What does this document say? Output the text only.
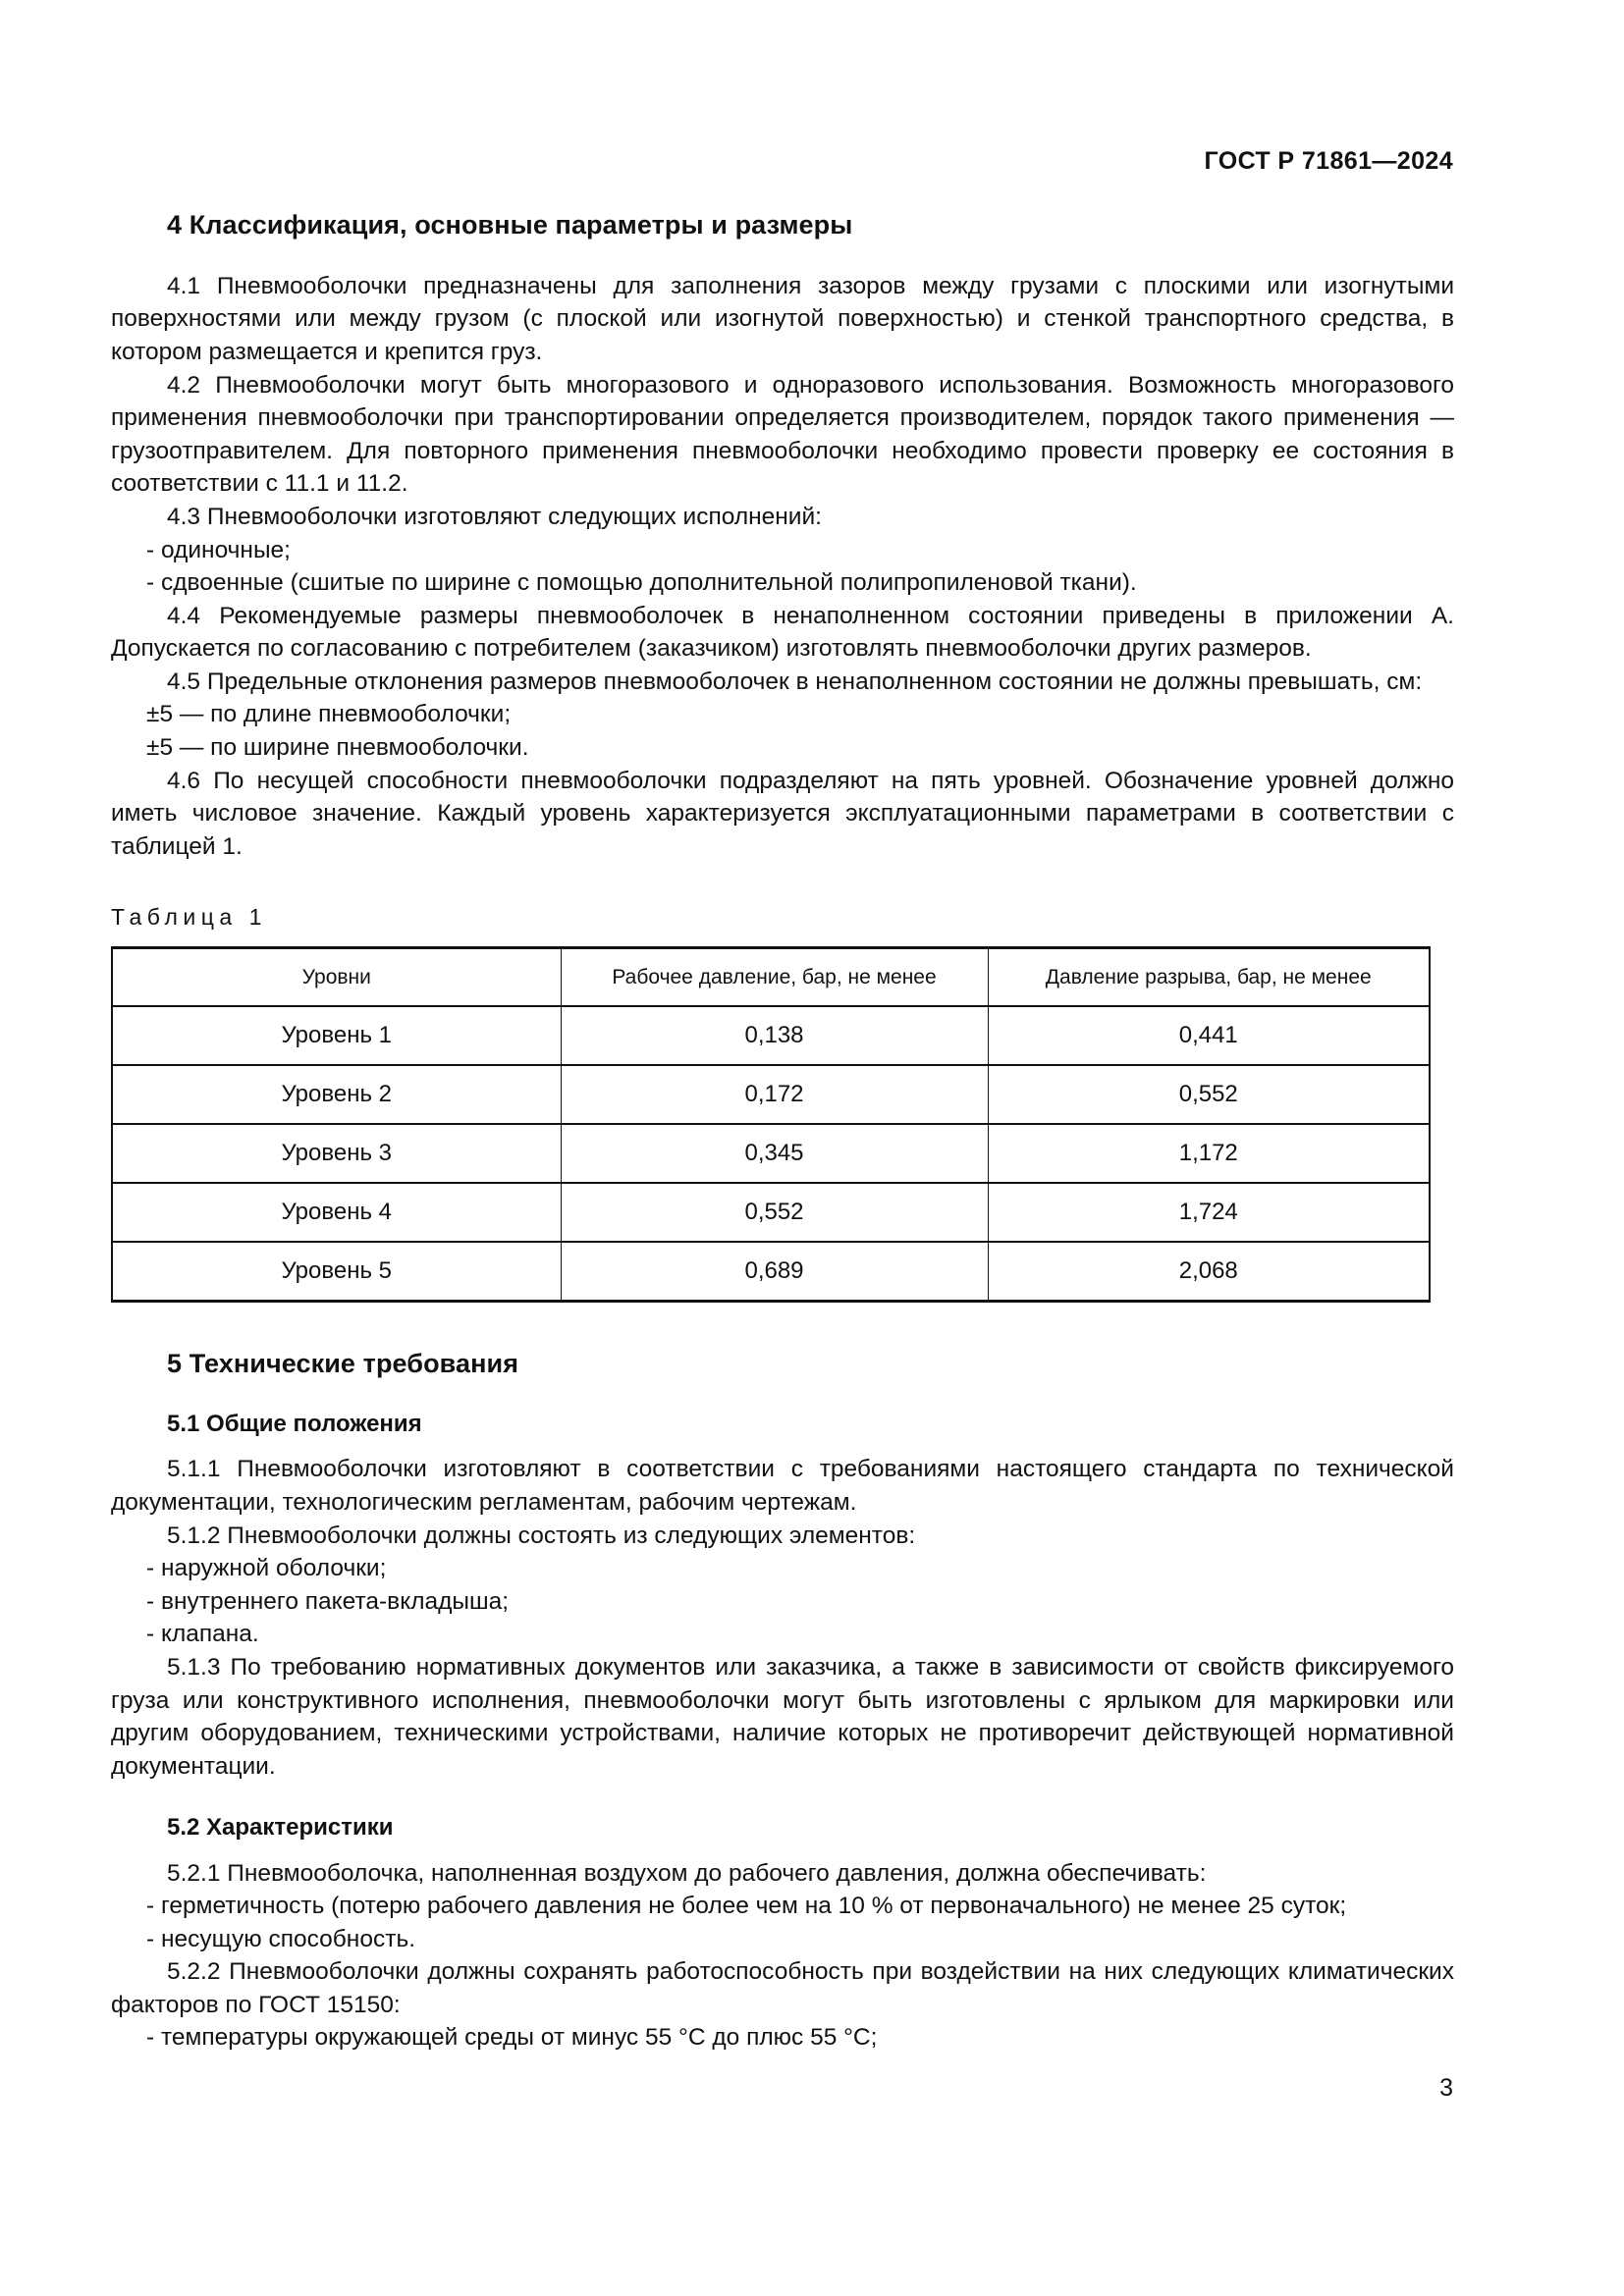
ГОСТ Р 71861—2024
4 Классификация, основные параметры и размеры

4.1 Пневмооболочки предназначены для заполнения зазоров между грузами с плоскими или изогнутыми поверхностями или между грузом (с плоской или изогнутой поверхностью) и стенкой транспортного средства, в котором размещается и крепится груз.

4.2 Пневмооболочки могут быть многоразового и одноразового использования. Возможность многоразового применения пневмооболочки при транспортировании определяется производителем, порядок такого применения — грузоотправителем. Для повторного применения пневмооболочки необходимо провести проверку ее состояния в соответствии с 11.1 и 11.2.

4.3 Пневмооболочки изготовляют следующих исполнений:

- одиночные;

- сдвоенные (сшитые по ширине с помощью дополнительной полипропиленовой ткани).

4.4 Рекомендуемые размеры пневмооболочек в ненаполненном состоянии приведены в приложении А. Допускается по согласованию с потребителем (заказчиком) изготовлять пневмооболочки других размеров.

4.5 Предельные отклонения размеров пневмооболочек в ненаполненном состоянии не должны превышать, см:

±5 — по длине пневмооболочки;

±5 — по ширине пневмооболочки.

4.6 По несущей способности пневмооболочки подразделяют на пять уровней. Обозначение уровней должно иметь числовое значение. Каждый уровень характеризуется эксплуатационными параметрами в соответствии с таблицей 1.

Таблица 1
Уровни	Рабочее давление, бар, не менее	Давление разрыва, бар, не менее
Уровень 1	0,138	0,441
Уровень 2	0,172	0,552
Уровень 3	0,345	1,172
Уровень 4	0,552	1,724
Уровень 5	0,689	2,068
5 Технические требования
5.1 Общие положения

5.1.1 Пневмооболочки изготовляют в соответствии с требованиями настоящего стандарта по технической документации, технологическим регламентам, рабочим чертежам.

5.1.2 Пневмооболочки должны состоять из следующих элементов:

- наружной оболочки;

- внутреннего пакета-вкладыша;

- клапана.

5.1.3 По требованию нормативных документов или заказчика, а также в зависимости от свойств фиксируемого груза или конструктивного исполнения, пневмооболочки могут быть изготовлены с ярлыком для маркировки или другим оборудованием, техническими устройствами, наличие которых не противоречит действующей нормативной документации.

5.2 Характеристики

5.2.1 Пневмооболочка, наполненная воздухом до рабочего давления, должна обеспечивать:

- герметичность (потерю рабочего давления не более чем на 10 % от первоначального) не менее 25 суток;

- несущую способность.

5.2.2 Пневмооболочки должны сохранять работоспособность при воздействии на них следующих климатических факторов по ГОСТ 15150:

- температуры окружающей среды от минус 55 °С до плюс 55 °С;

3
